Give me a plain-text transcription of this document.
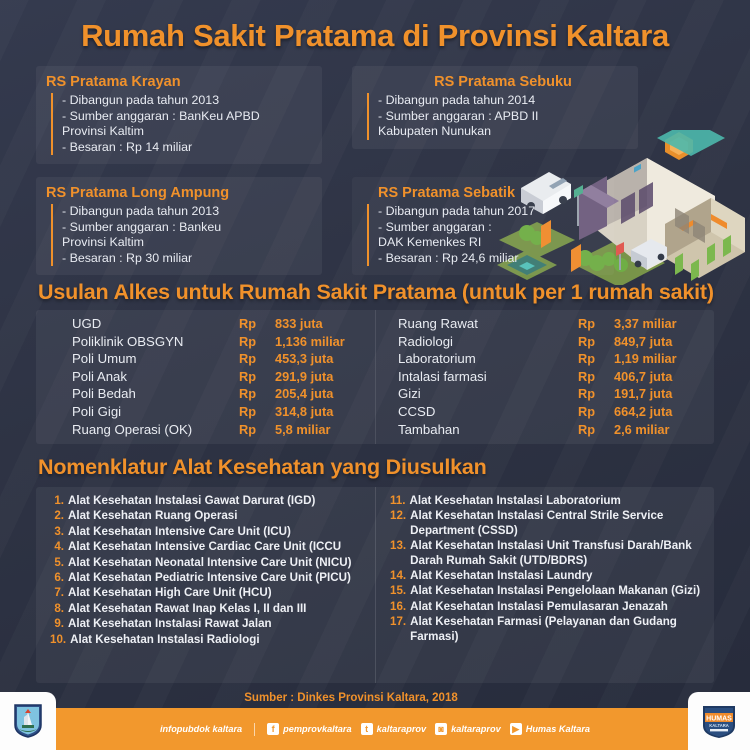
Rumah Sakit Pratama di Provinsi Kaltara
RS Pratama Krayan
- Dibangun pada tahun 2013
- Sumber anggaran : BanKeu APBD
Provinsi Kaltim
- Besaran : Rp 14 miliar
RS Pratama Sebuku
- Dibangun pada tahun 2014
- Sumber anggaran : APBD II
Kabupaten Nunukan
RS Pratama Long Ampung
- Dibangun pada tahun 2013
- Sumber anggaran : Bankeu
Provinsi Kaltim
- Besaran : Rp 30 miliar
RS Pratama Sebatik
- Dibangun pada tahun 2017
- Sumber anggaran :
DAK Kemenkes RI
- Besaran : Rp 24,6 miliar
Usulan Alkes untuk Rumah Sakit Pratama (untuk per 1 rumah sakit)
UGD	Rp	833 juta
Poliklinik OBSGYN	Rp	1,136 miliar
Poli Umum	Rp	453,3 juta
Poli Anak	Rp	291,9 juta
Poli Bedah	Rp	205,4 juta
Poli Gigi	Rp	314,8 juta
Ruang Operasi (OK)	Rp	5,8 miliar
Ruang Rawat	Rp	3,37 miliar
Radiologi	Rp	849,7 juta
Laboratorium	Rp	1,19 miliar
Intalasi farmasi	Rp	406,7 juta
Gizi	Rp	191,7 juta
CCSD	Rp	664,2 juta
Tambahan	Rp	2,6 miliar
Nomenklatur Alat Kesehatan yang Diusulkan
1. Alat Kesehatan Instalasi Gawat Darurat (IGD)
2. Alat Kesehatan Ruang Operasi
3. Alat Kesehatan Intensive Care Unit (ICU)
4. Alat Kesehatan Intensive Cardiac Care Unit (ICCU
5. Alat Kesehatan Neonatal Intensive Care Unit (NICU)
6. Alat Kesehatan Pediatric Intensive Care Unit (PICU)
7. Alat Kesehatan High Care Unit (HCU)
8. Alat Kesehatan Rawat Inap Kelas I, II dan III
9. Alat Kesehatan Instalasi Rawat Jalan
10. Alat Kesehatan Instalasi Radiologi
11. Alat Kesehatan Instalasi Laboratorium
12. Alat Kesehatan Instalasi Central Strile Service Department (CSSD)
13. Alat Kesehatan Instalasi Unit Transfusi Darah/Bank Darah Rumah Sakit (UTD/BDRS)
14. Alat Kesehatan Instalasi Laundry
15. Alat Kesehatan Instalasi Pengelolaan Makanan (Gizi)
16. Alat Kesehatan Instalasi Pemulasaran Jenazah
17. Alat Kesehatan Farmasi (Pelayanan dan Gudang Farmasi)
Sumber : Dinkes Provinsi Kaltara, 2018
infopubdok kaltara	f pemprovkaltara	t kaltaraprov	◙ kaltaraprov ▶ Humas Kaltara
HUMAS
KALTARA
